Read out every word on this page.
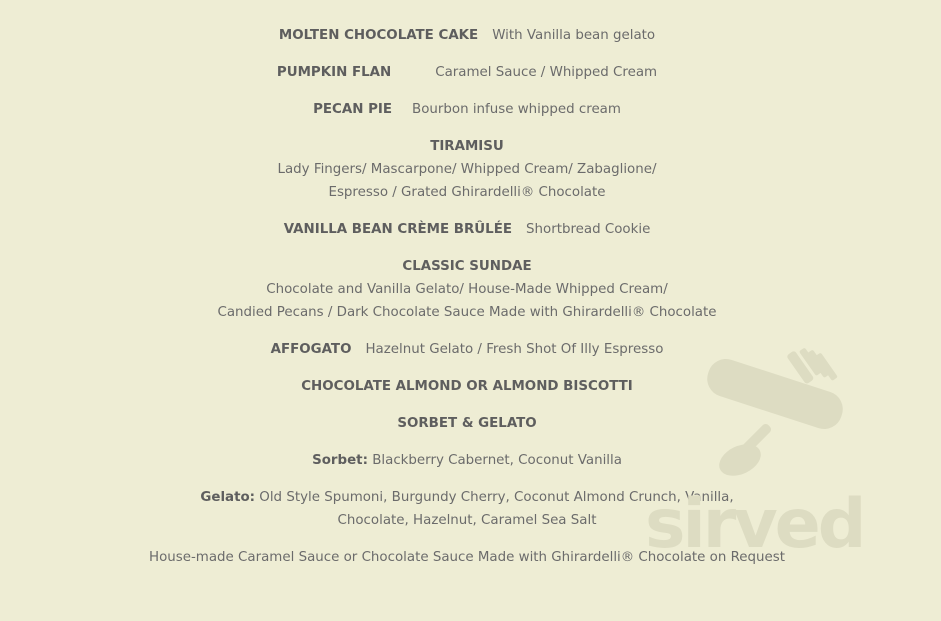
MOLTEN CHOCOLATE CAKE With Vanilla bean gelato
PUMPKIN FLAN	Caramel Sauce / Whipped Cream
PECAN PIE Bourbon infuse whipped cream
TIRAMISU
Lady Fingers/ Mascarpone/ Whipped Cream/ Zabaglione/
Espresso / Grated Ghirardelli® Chocolate
VANILLA BEAN CRÈME BRÛLÉE Shortbread Cookie
CLASSIC SUNDAE
Chocolate and Vanilla Gelato/ House-Made Whipped Cream/
Candied Pecans / Dark Chocolate Sauce Made with Ghirardelli® Chocolate
AFFOGATO Hazelnut Gelato / Fresh Shot Of Illy Espresso
CHOCOLATE ALMOND OR ALMOND BISCOTTI
SORBET & GELATO
Sorbet: Blackberry Cabernet, Coconut Vanilla
Gelato: Old Style Spumoni, Burgundy Cherry, Coconut Almond Crunch, Vanilla,
Chocolate, Hazelnut, Caramel Sea Salt
House-made Caramel Sauce or Chocolate Sauce Made with Ghirardelli® Chocolate on Request
sirved
